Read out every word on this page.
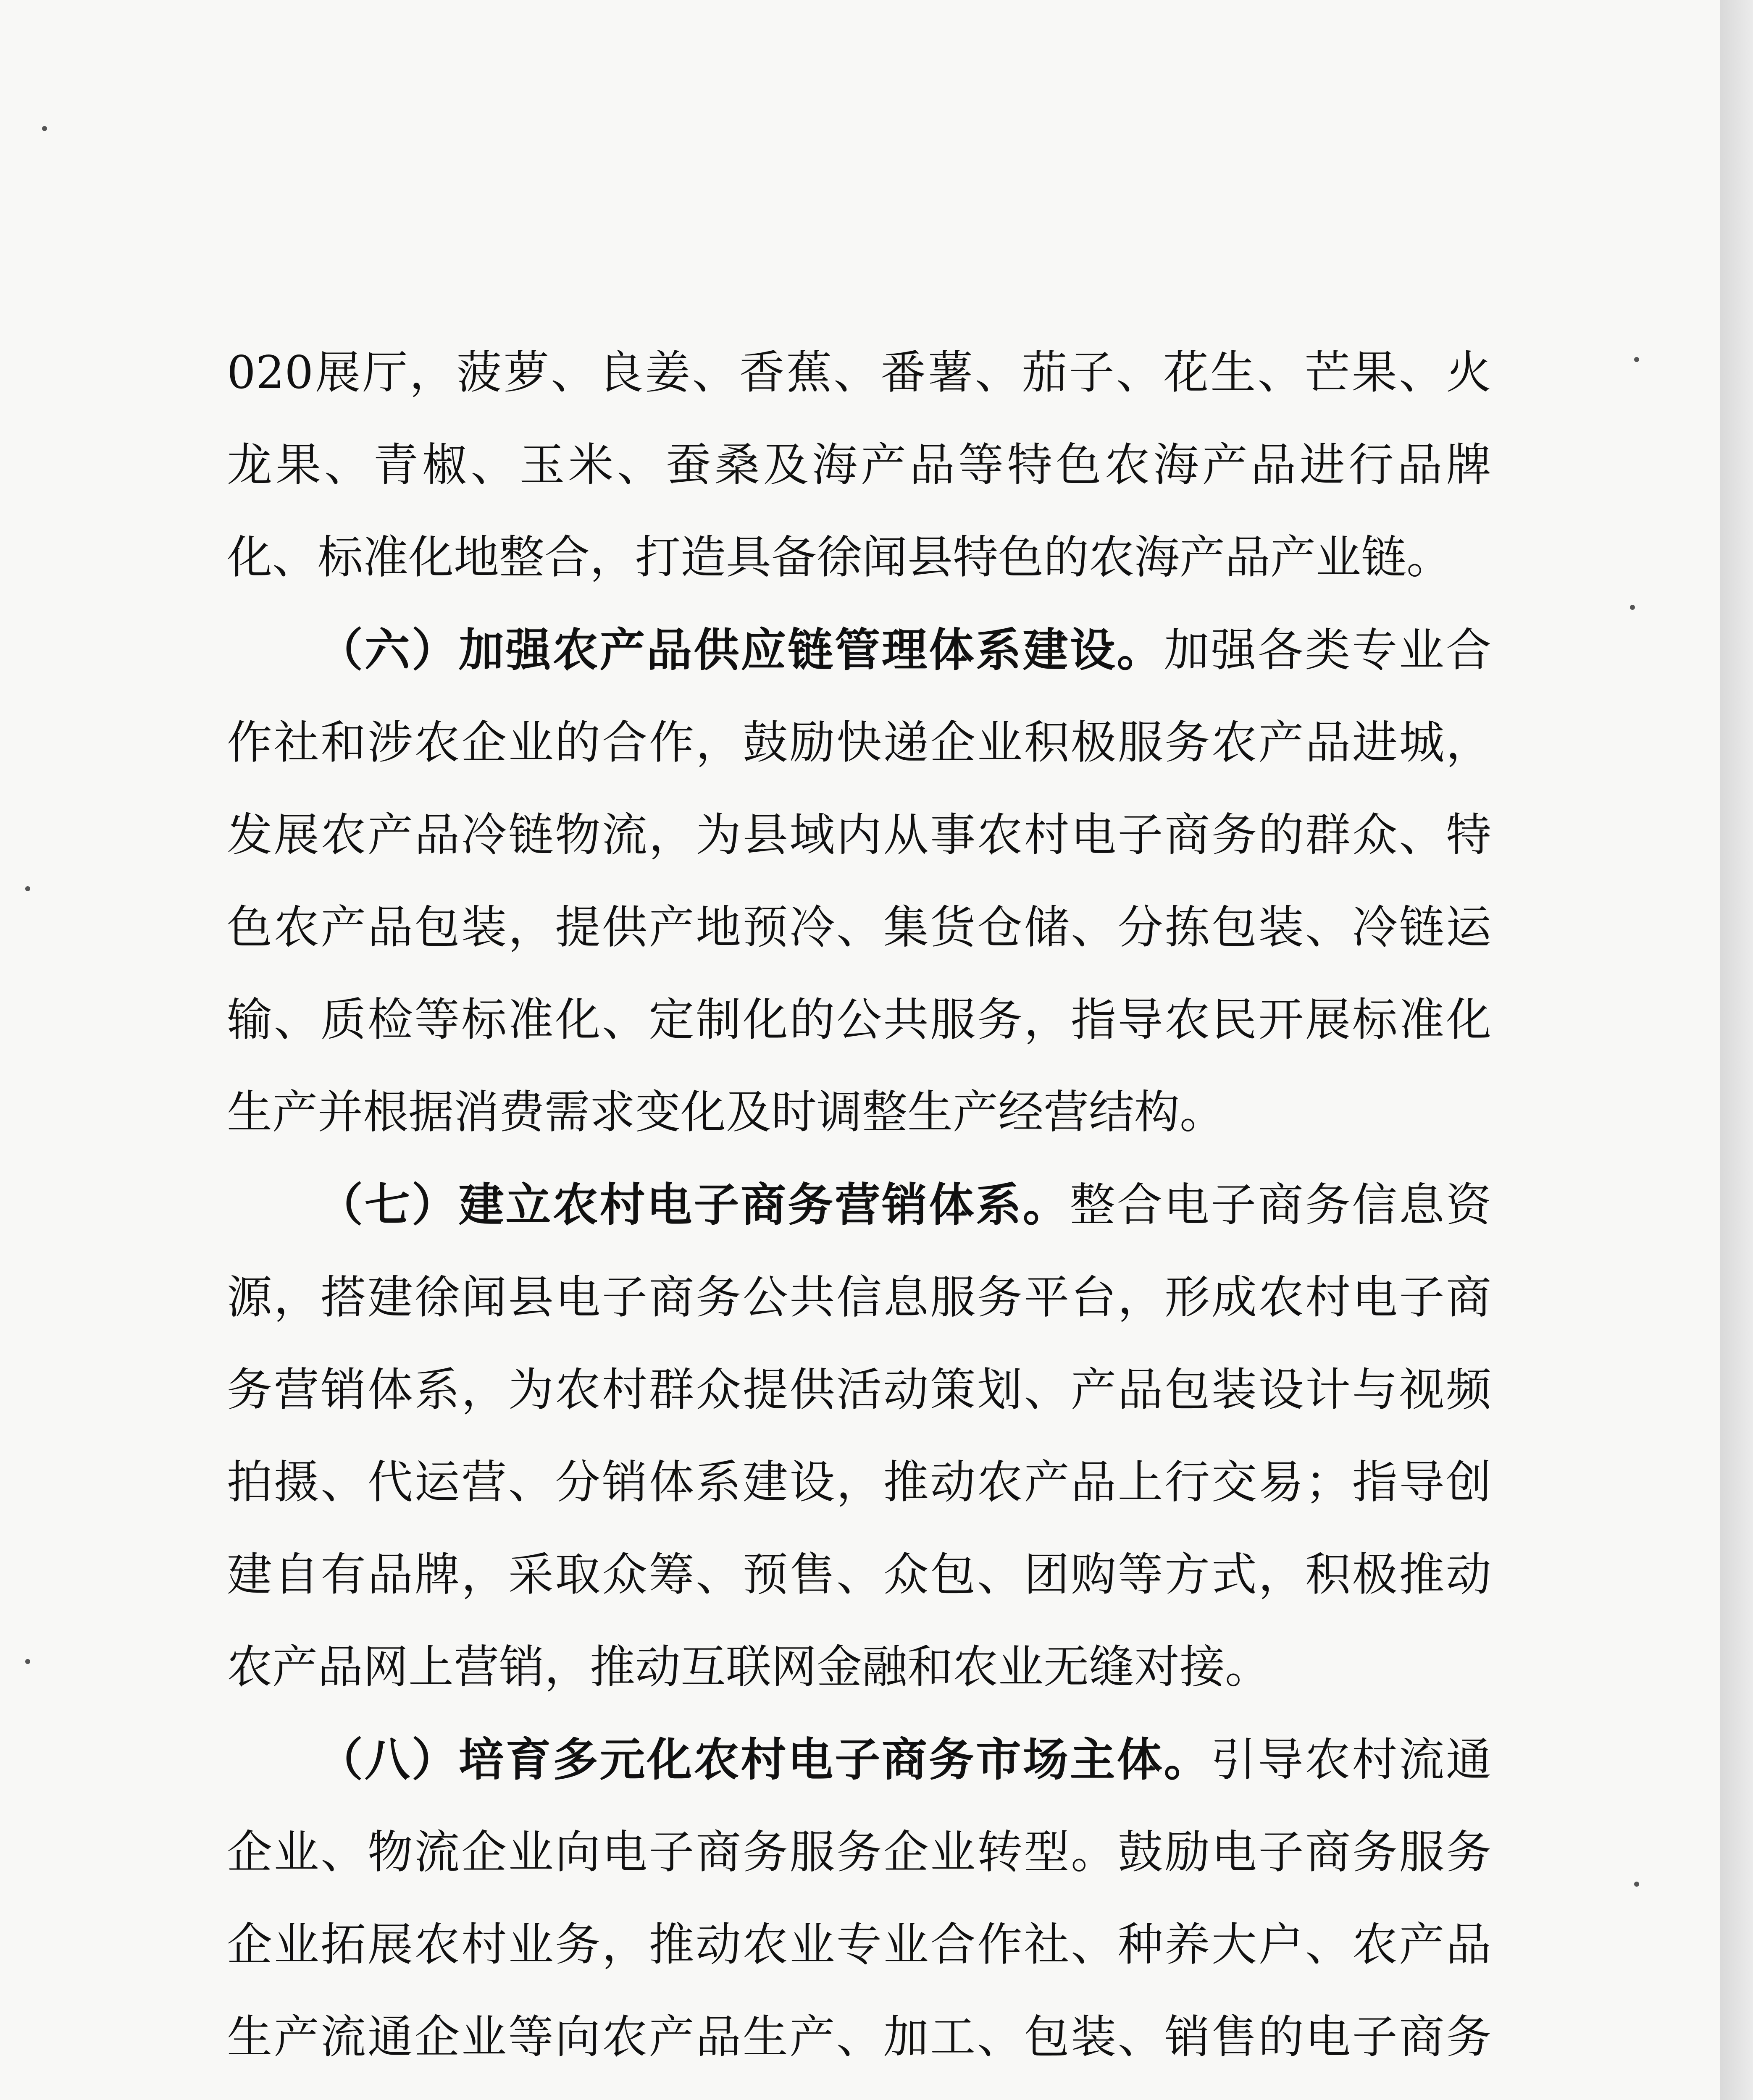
020展厅，菠萝、良姜、香蕉、番薯、茄子、花生、芒果、火龙果、青椒、玉米、蚕桑及海产品等特色农海产品进行品牌化、标准化地整合，打造具备徐闻县特色的农海产品产业链。

（六）加强农产品供应链管理体系建设。加强各类专业合作社和涉农企业的合作，鼓励快递企业积极服务农产品进城，发展农产品冷链物流，为县域内从事农村电子商务的群众、特色农产品包装，提供产地预冷、集货仓储、分拣包装、冷链运输、质检等标准化、定制化的公共服务，指导农民开展标准化生产并根据消费需求变化及时调整生产经营结构。

（七）建立农村电子商务营销体系。整合电子商务信息资源，搭建徐闻县电子商务公共信息服务平台，形成农村电子商务营销体系，为农村群众提供活动策划、产品包装设计与视频拍摄、代运营、分销体系建设，推动农产品上行交易；指导创建自有品牌，采取众筹、预售、众包、团购等方式，积极推动农产品网上营销，推动互联网金融和农业无缝对接。

（八）培育多元化农村电子商务市场主体。引导农村流通企业、物流企业向电子商务服务企业转型。鼓励电子商务服务企业拓展农村业务，推动农业专业合作社、种养大户、农产品生产流通企业等向农产品生产、加工、包装、销售的电子商务
